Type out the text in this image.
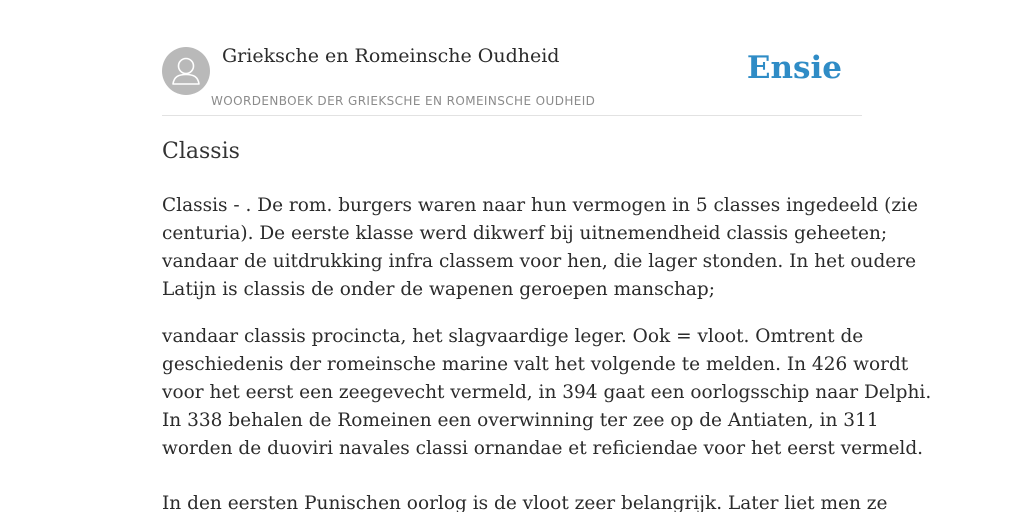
Grieksche en Romeinsche Oudheid
WOORDENBOEK DER GRIEKSCHE EN ROMEINSCHE OUDHEID
Ensie
Classis

Classis - . De rom. burgers waren naar hun vermogen in 5 classes ingedeeld (zie
centuria). De eerste klasse werd dikwerf bij uitnemendheid classis geheeten;
vandaar de uitdrukking infra classem voor hen, die lager stonden. In het oudere
Latijn is classis de onder de wapenen geroepen manschap;

vandaar classis procincta, het slagvaardige leger. Ook = vloot. Omtrent de
geschiedenis der romeinsche marine valt het volgende te melden. In 426 wordt
voor het eerst een zeegevecht vermeld, in 394 gaat een oorlogsschip naar Delphi.
In 338 behalen de Romeinen een overwinning ter zee op de Antiaten, in 311
worden de duoviri navales classi ornandae et reficiendae voor het eerst vermeld.

In den eersten Punischen oorlog is de vloot zeer belangrijk. Later liet men ze
